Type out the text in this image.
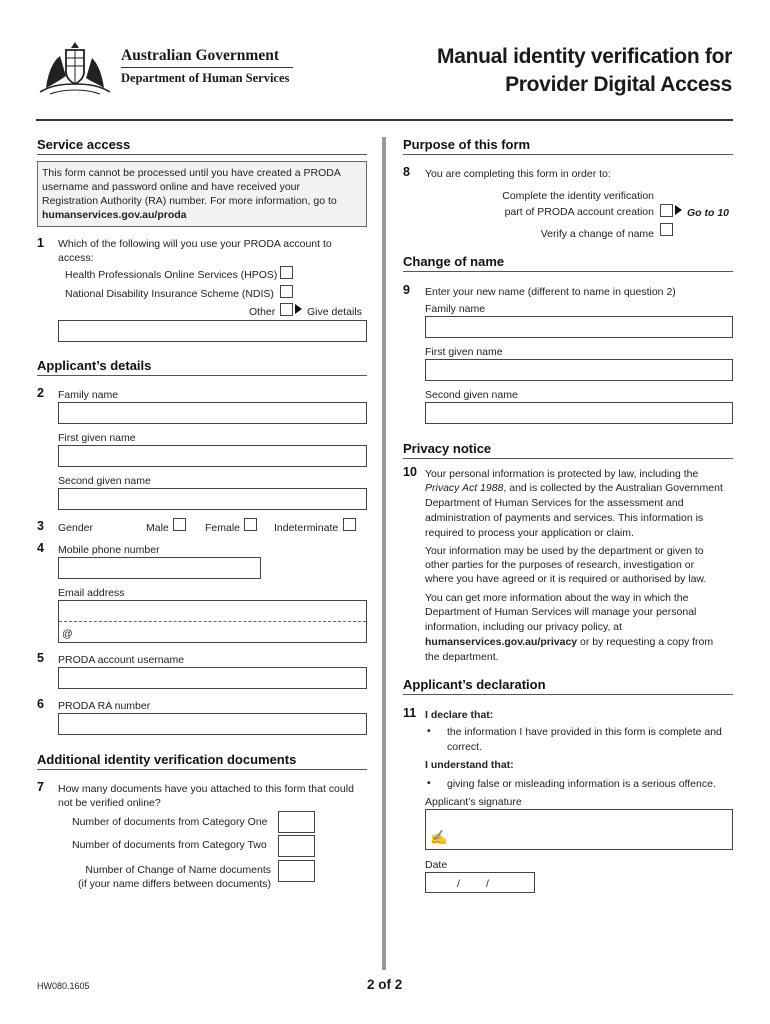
Australian Government
Department of Human Services
Manual identity verification for
Provider Digital Access
Service access
This form cannot be processed until you have created a PRODA
username and password online and have received your
Registration Authority (RA) number. For more information, go to
humanservices.gov.au/proda
1 Which of the following will you use your PRODA account to
access:
Health Professionals Online Services (HPOS)
National Disability Insurance Scheme (NDIS)
Other	Give details
Applicant’s details
2 Family name
First given name
Second given name
3 Gender	Male	Female	Indeterminate
4 Mobile phone number
Email address
@
5 PRODA account username
6 PRODA RA number
Additional identity verification documents
7 How many documents have you attached to this form that could
not be verified online?
Number of documents from Category One
Number of documents from Category Two
Number of Change of Name documents
(if your name differs between documents)
HW080.1605	2 of 2
Purpose of this form
8 You are completing this form in order to:
Complete the identity verification
part of PRODA account creation	Go to 10
Verify a change of name
Change of name
9 Enter your new name (different to name in question 2)
Family name
First given name
Second given name
Privacy notice
10 Your personal information is protected by law, including the
Privacy Act 1988, and is collected by the Australian Government
Department of Human Services for the assessment and
administration of payments and services. This information is
required to process your application or claim.
Your information may be used by the department or given to
other parties for the purposes of research, investigation or
where you have agreed or it is required or authorised by law.
You can get more information about the way in which the
Department of Human Services will manage your personal
information, including our privacy policy, at
humanservices.gov.au/privacy or by requesting a copy from
the department.
Applicant’s declaration
11 I declare that:
• the information I have provided in this form is complete and
correct.
I understand that:
• giving false or misleading information is a serious offence.
Applicant’s signature
✍
Date
/ /
